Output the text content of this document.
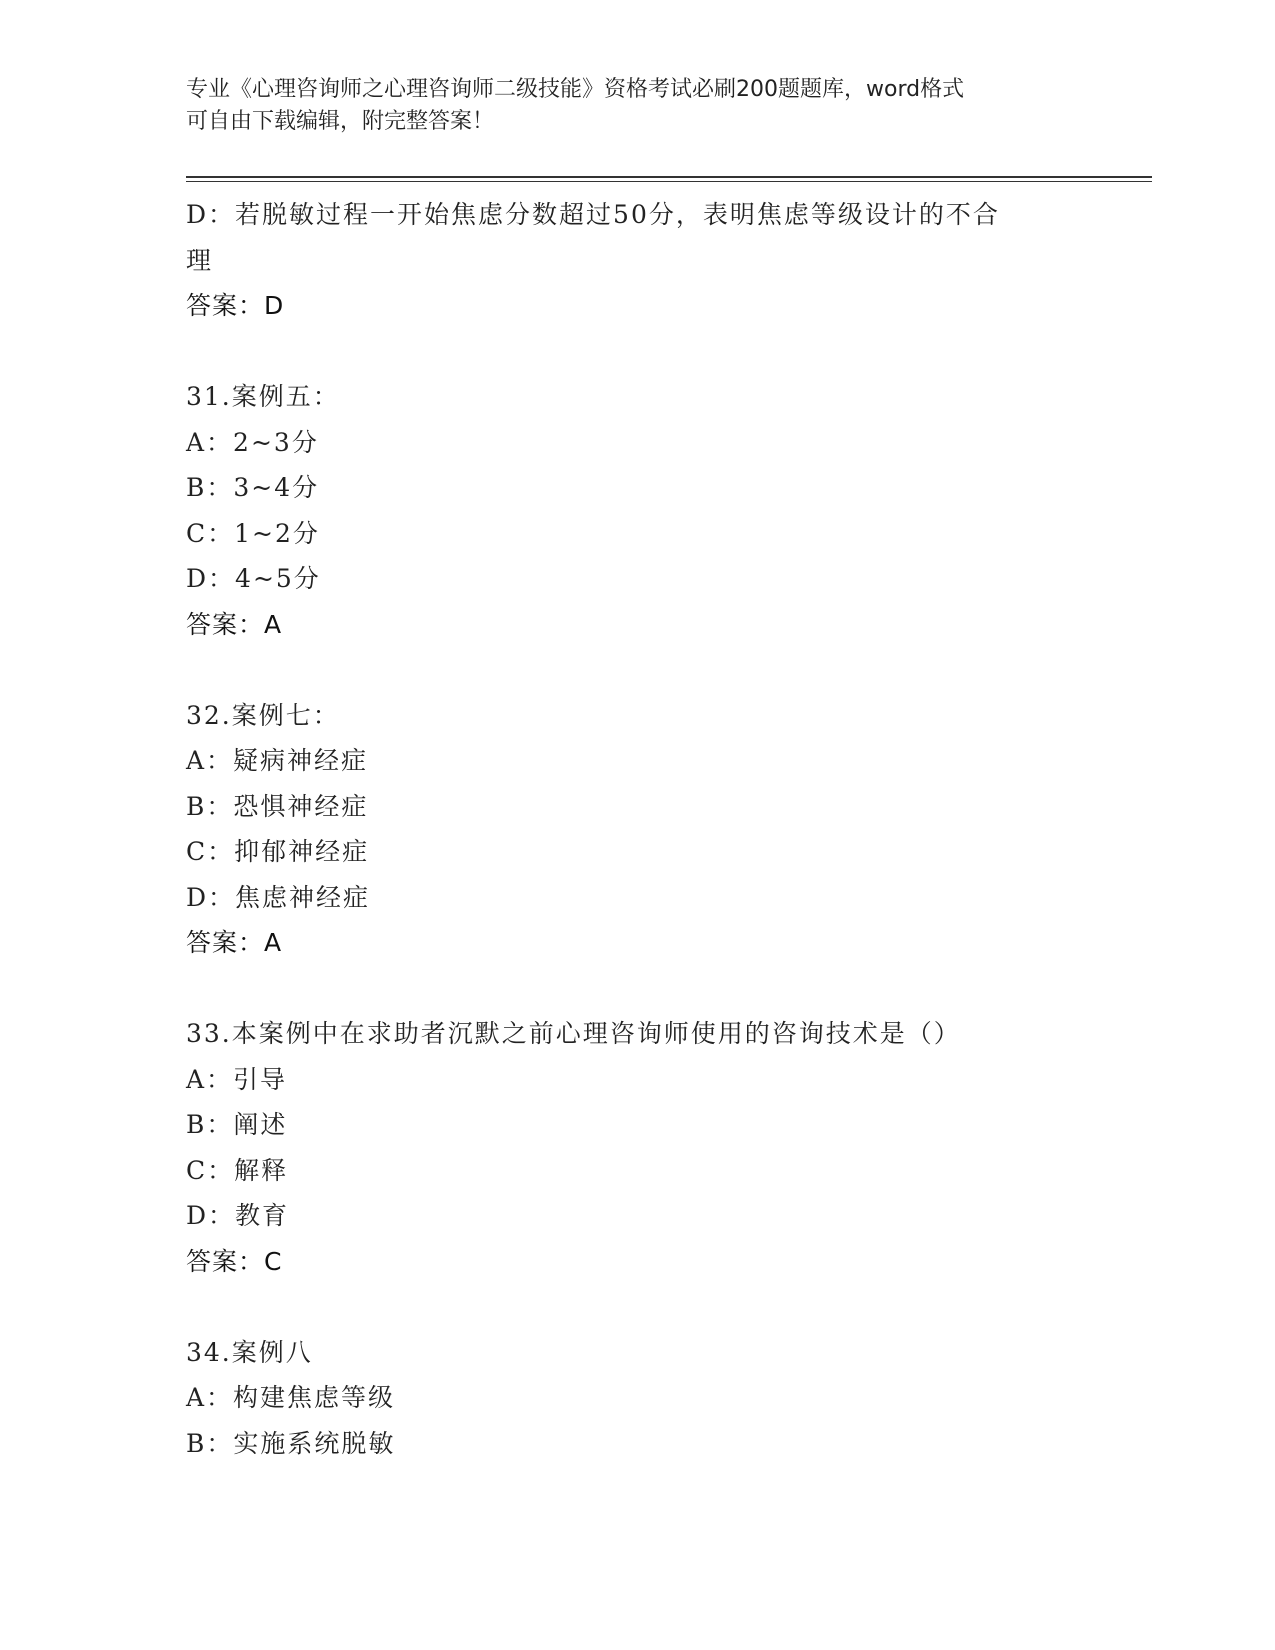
专业《心理咨询师之心理咨询师二级技能》资格考试必刷200题题库，word格式
可自由下载编辑，附完整答案！
D：若脱敏过程一开始焦虑分数超过50分，表明焦虑等级设计的不合
理
答案：D
31.案例五：
A：2~3分
B：3~4分
C：1~2分
D：4~5分
答案：A
32.案例七：
A：疑病神经症
B：恐惧神经症
C：抑郁神经症
D：焦虑神经症
答案：A
33.本案例中在求助者沉默之前心理咨询师使用的咨询技术是（）
A：引导
B：阐述
C：解释
D：教育
答案：C
34.案例八
A：构建焦虑等级
B：实施系统脱敏
